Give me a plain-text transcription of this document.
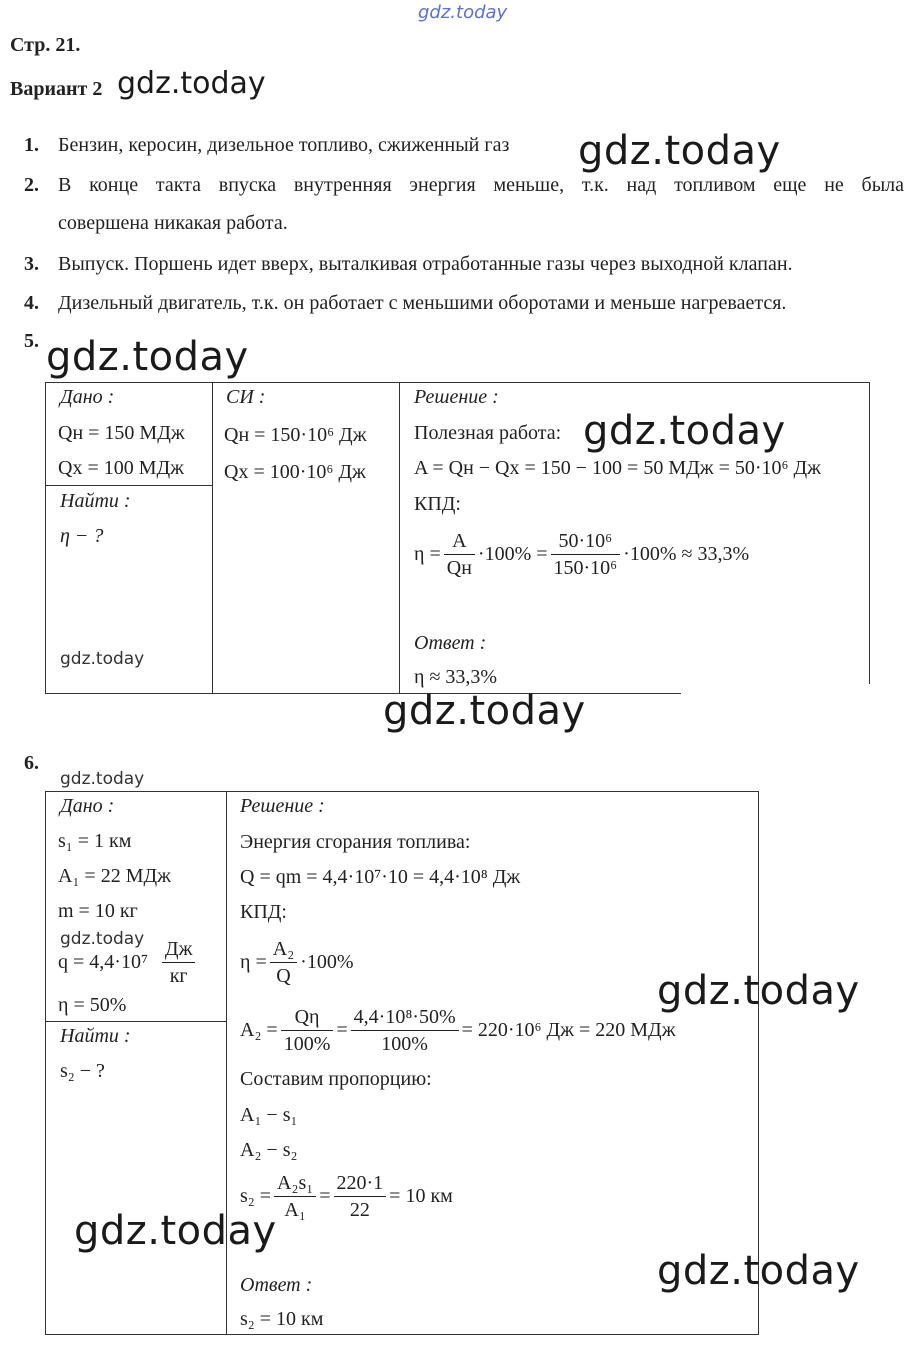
gdz.today
Стр. 21.
Вариант 2 gdz.today
1. Бензин, керосин, дизельное топливо, сжиженный газ gdz.today
2. В конце такта впуска внутренняя энергия меньше, т.к. над топливом еще не была
совершена никакая работа.
3. Выпуск. Поршень идет вверх, выталкивая отработанные газы через выходной клапан.
4. Дизельный двигатель, т.к. он работает с меньшими оборотами и меньше нагревается.
5. gdz.today
Дано :
Qн = 150 МДж
Qх = 100 МДж
Найти :
η − ?
gdz.today
СИ :
Qн = 150·10⁶ Дж
Qх = 100·10⁶ Дж
Решение :
Полезная работа: gdz.today
A = Qн − Qх = 150 − 100 = 50 МДж = 50·10⁶ Дж
КПД:
$\eta = \frac{A}{Qн} \cdot 100\% = \frac{\text{50·10⁶}}{\text{150·10⁶}} \cdot 100\% \approx 33,3\%$
Ответ :
η ≈ 33,3%
gdz.today
6.
gdz.today
Дано :
s₁ = 1 км
A₁ = 22 МДж
m = 10 кг
gdz.today
$q = 4,4\cdot 10^7 \frac{Дж}{кг}$
η = 50%
Найти :
s₂ − ?
Решение :
Энергия сгорания топлива:
Q = qm = 4,4·10⁷·10 = 4,4·10⁸ Дж
КПД:
$\eta = \frac{\text{A₂}}{Q} \cdot 100\%$
gdz.today
$A_2 = \frac{Q\eta}{100\%} = \frac{\text{4,4·10⁸·50\%}}{100\%} = 220\cdot 10^6$ Дж = 220 МДж
Составим пропорцию:
A₁ − s₁
A₂ − s₂
$s_2 = \frac{\text{A₂s₁}}{\text{A₁}} = \frac{220\cdot 1}{22} = 10$ км
gdz.today
gdz.today
Ответ :
s₂ = 10 км
